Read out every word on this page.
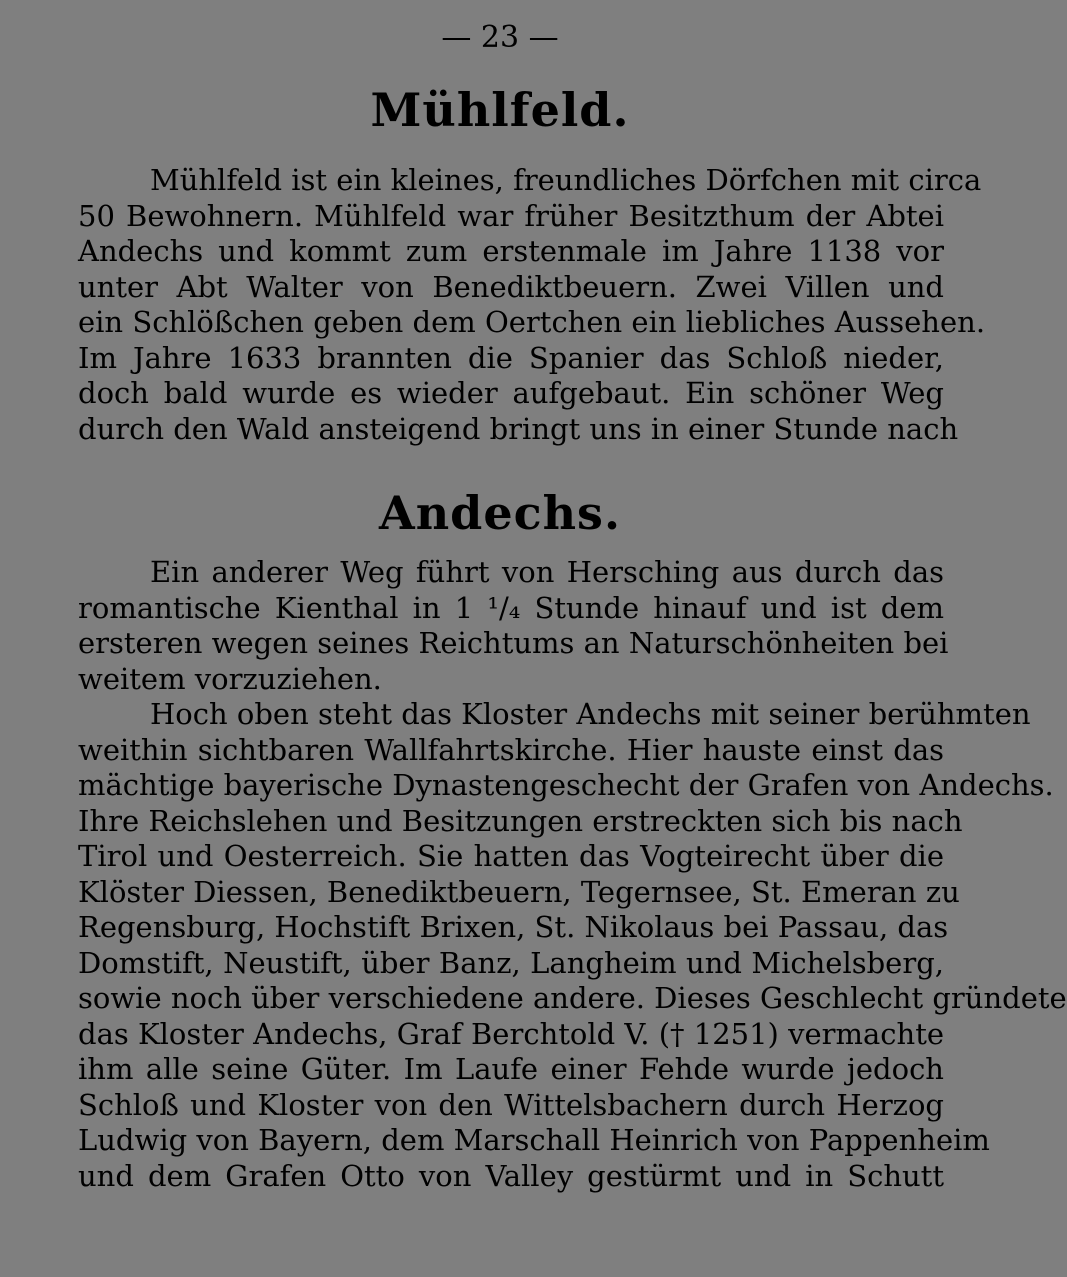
— 23 —
Mühlfeld.
Mühlfeld ist ein kleines, freundliches Dörfchen mit circa
50 Bewohnern. Mühlfeld war früher Besitzthum der Abtei
Andechs und kommt zum erstenmale im Jahre 1138 vor
unter Abt Walter von Benediktbeuern. Zwei Villen und
ein Schlößchen geben dem Oertchen ein liebliches Aussehen.
Im Jahre 1633 brannten die Spanier das Schloß nieder,
doch bald wurde es wieder aufgebaut. Ein schöner Weg
durch den Wald ansteigend bringt uns in einer Stunde nach
Andechs.
Ein anderer Weg führt von Hersching aus durch das
romantische Kienthal in 1 ¹/₄ Stunde hinauf und ist dem
ersteren wegen seines Reichtums an Naturschönheiten bei
weitem vorzuziehen.
Hoch oben steht das Kloster Andechs mit seiner berühmten
weithin sichtbaren Wallfahrtskirche. Hier hauste einst das
mächtige bayerische Dynastengeschecht der Grafen von Andechs.
Ihre Reichslehen und Besitzungen erstreckten sich bis nach
Tirol und Oesterreich. Sie hatten das Vogteirecht über die
Klöster Diessen, Benediktbeuern, Tegernsee, St. Emeran zu
Regensburg, Hochstift Brixen, St. Nikolaus bei Passau, das
Domstift, Neustift, über Banz, Langheim und Michelsberg,
sowie noch über verschiedene andere. Dieses Geschlecht gründete
das Kloster Andechs, Graf Berchtold V. († 1251) vermachte
ihm alle seine Güter. Im Laufe einer Fehde wurde jedoch
Schloß und Kloster von den Wittelsbachern durch Herzog
Ludwig von Bayern, dem Marschall Heinrich von Pappenheim
und dem Grafen Otto von Valley gestürmt und in Schutt
